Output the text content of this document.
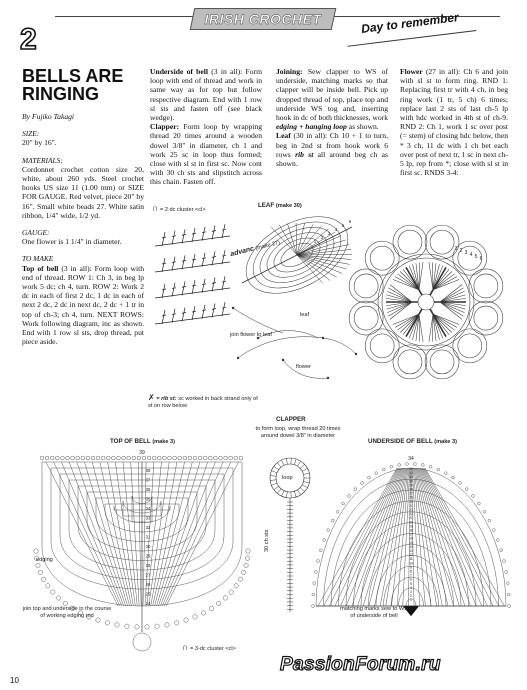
IRISH CROCHET	Day to remember
2
BELLS ARE RINGING

By Fujiko Takagi

SIZE:
20" by 16".

MATERIALS:
Cordonnet crochet cotton size 20, white, about 260 yds. Steel crochet hooks US size 11 (1.00 mm) or SIZE FOR GAUGE. Red velvet, piece 20" by 16". Small white beads 27. White satin ribbon, 1/4" wide, 1/2 yd.

GAUGE:
One flower is 1 1/4" in diameter.

TO MAKE
Top of bell (3 in all): Form loop with end of thread. ROW 1: Ch 3, in beg lp work 5 dc; ch 4, turn. ROW 2: Work 2 dc in each of first 2 dc, 1 dc in each of next 2 dc, 2 dc in next dc, 2 dc + 1 tr in top of ch-3; ch 4, turn. NEXT ROWS: Work following diagram, inc as shown. End with 1 row sl sts, drop thread, put piece aside.

Underside of bell (3 in all): Form loop with end of thread and work in same way as for top but follow respective diagram. End with 1 row sl sts and fasten off (see black wedge).
Clapper: Form loop by wrapping thread 20 times around a wooden dowel 3/8" in diameter, ch 1 and work 25 sc in loop thus formed; close with sl st in first sc. Now cont with 30 ch sts and slipstitch across this chain. Fasten off.

Joining: Sew clapper to WS of underside, matching marks so that clapper will be inside bell. Pick up dropped thread of top, place top and underside WS tog and, inserting hook in dc of both thicknesses, work edging + hanging loop as shown.
Leaf (30 in all): Ch 10 + 1 to turn, beg in 2nd st from hook work 6 rows rib st all around beg ch as shown.

Flower (27 in all): Ch 6 and join with sl st to form ring. RND 1: Replacing first tr with 4 ch, in beg ring work (1 tr, 5 ch) 6 times; replace last 2 sts of last ch-5 lp with hdc worked in 4th st of ch-9. RND 2: Ch 1, work 1 sc over post (= stem) of closing hdc below, then * 3 ch, 11 dc with 1 ch bet each over post of next tr, 1 sc in next ch-5 lp, rep from *; close with sl st in first sc. RNDS 3-4:

∩ = 2 dc cluster <cl>
✗ = rib st: sc worked in back strand only of st on row below
LEAF (make 30)
1
2
3
4
5
6
leaf
join flower to leaf
flower
advanc (make 27)	1 2 3 4 5 6
CLAPPER
to form loop, wrap thread 20 times around dowel 3/8" in diameter
loop
30 ch sts
TOP OF BELL (make 3)
39
38
37
36
35
34
33
32
31
30
29
28
27
26
25
24
edging
join top and underside in the course of working edging rnd
∩ = 3-dc cluster <cl>
UNDERSIDE OF BELL (make 3)
34
33
32
31
30
29
28
27
26
25
24
23
22
21
20
19
18
17
16
15
14
13
12
11
10
9
8
7
6
5
4
3
2
1
matching marks sew to WS of underside of bell
10
PassionForum.ru
